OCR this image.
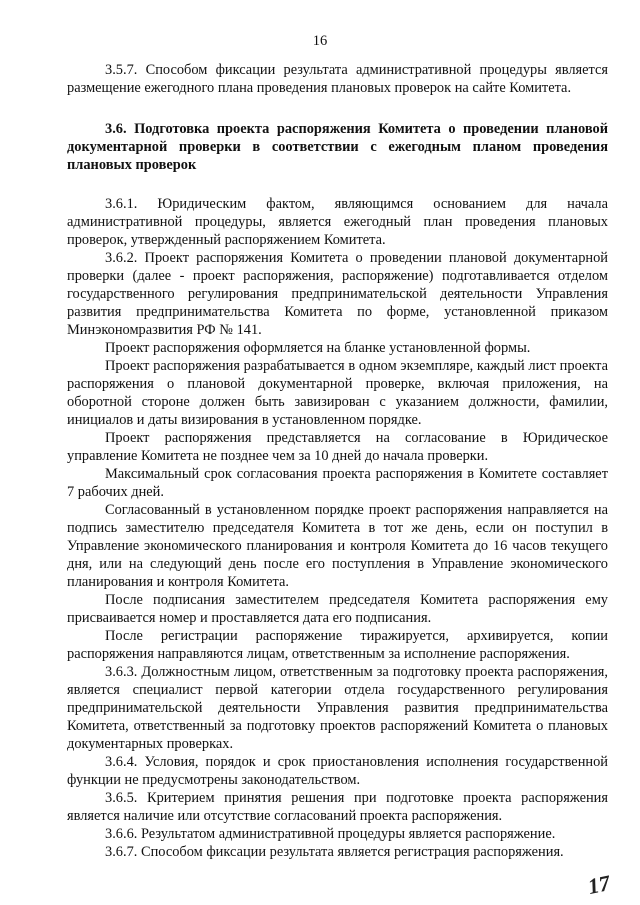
16

3.5.7. Способом фиксации результата административной процедуры является размещение ежегодного плана проведения плановых проверок на сайте Комитета.

3.6. Подготовка проекта распоряжения Комитета о проведении плановой документарной проверки в соответствии с ежегодным планом проведения плановых проверок

3.6.1. Юридическим фактом, являющимся основанием для начала административной процедуры, является ежегодный план проведения плановых проверок, утвержденный распоряжением Комитета.

3.6.2. Проект распоряжения Комитета о проведении плановой документарной проверки (далее - проект распоряжения, распоряжение) подготавливается отделом государственного регулирования предпринимательской деятельности Управления развития предпринимательства Комитета по форме, установленной приказом Минэкономразвития РФ № 141.

Проект распоряжения оформляется на бланке установленной формы.

Проект распоряжения разрабатывается в одном экземпляре, каждый лист проекта распоряжения о плановой документарной проверке, включая приложения, на оборотной стороне должен быть завизирован с указанием должности, фамилии, инициалов и даты визирования в установленном порядке.

Проект распоряжения представляется на согласование в Юридическое управление Комитета не позднее чем за 10 дней до начала проверки.

Максимальный срок согласования проекта распоряжения в Комитете составляет 7 рабочих дней.

Согласованный в установленном порядке проект распоряжения направляется на подпись заместителю председателя Комитета в тот же день, если он поступил в Управление экономического планирования и контроля Комитета до 16 часов текущего дня, или на следующий день после его поступления в Управление экономического планирования и контроля Комитета.

После подписания заместителем председателя Комитета распоряжения ему присваивается номер и проставляется дата его подписания.

После регистрации распоряжение тиражируется, архивируется, копии распоряжения направляются лицам, ответственным за исполнение распоряжения.

3.6.3. Должностным лицом, ответственным за подготовку проекта распоряжения, является специалист первой категории отдела государственного регулирования предпринимательской деятельности Управления развития предпринимательства Комитета, ответственный за подготовку проектов распоряжений Комитета о плановых документарных проверках.

3.6.4. Условия, порядок и срок приостановления исполнения государственной функции не предусмотрены законодательством.

3.6.5. Критерием принятия решения при подготовке проекта распоряжения является наличие или отсутствие согласований проекта распоряжения.

3.6.6. Результатом административной процедуры является распоряжение.

3.6.7. Способом фиксации результата является регистрация распоряжения.

17
